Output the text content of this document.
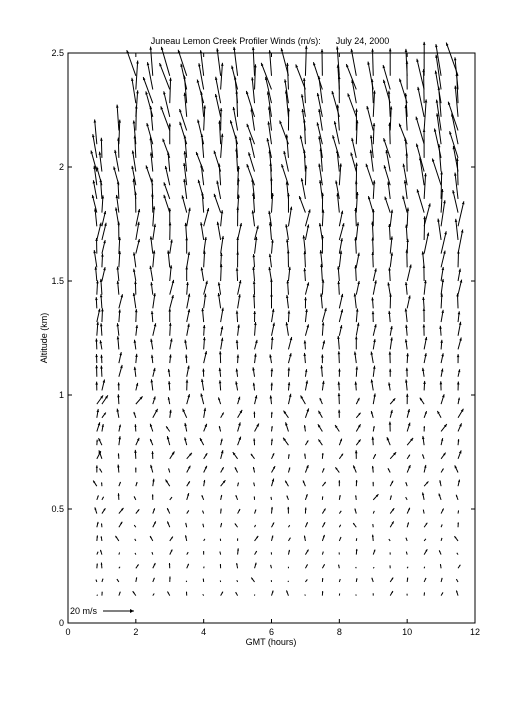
Juneau Lemon Creek Profiler Winds (m/s):      July 24, 2000
0	2	4	6	8	10	12
0
0.5
1
1.5
2
2.5
GMT (hours)
Altitude (km)
20 m/s
